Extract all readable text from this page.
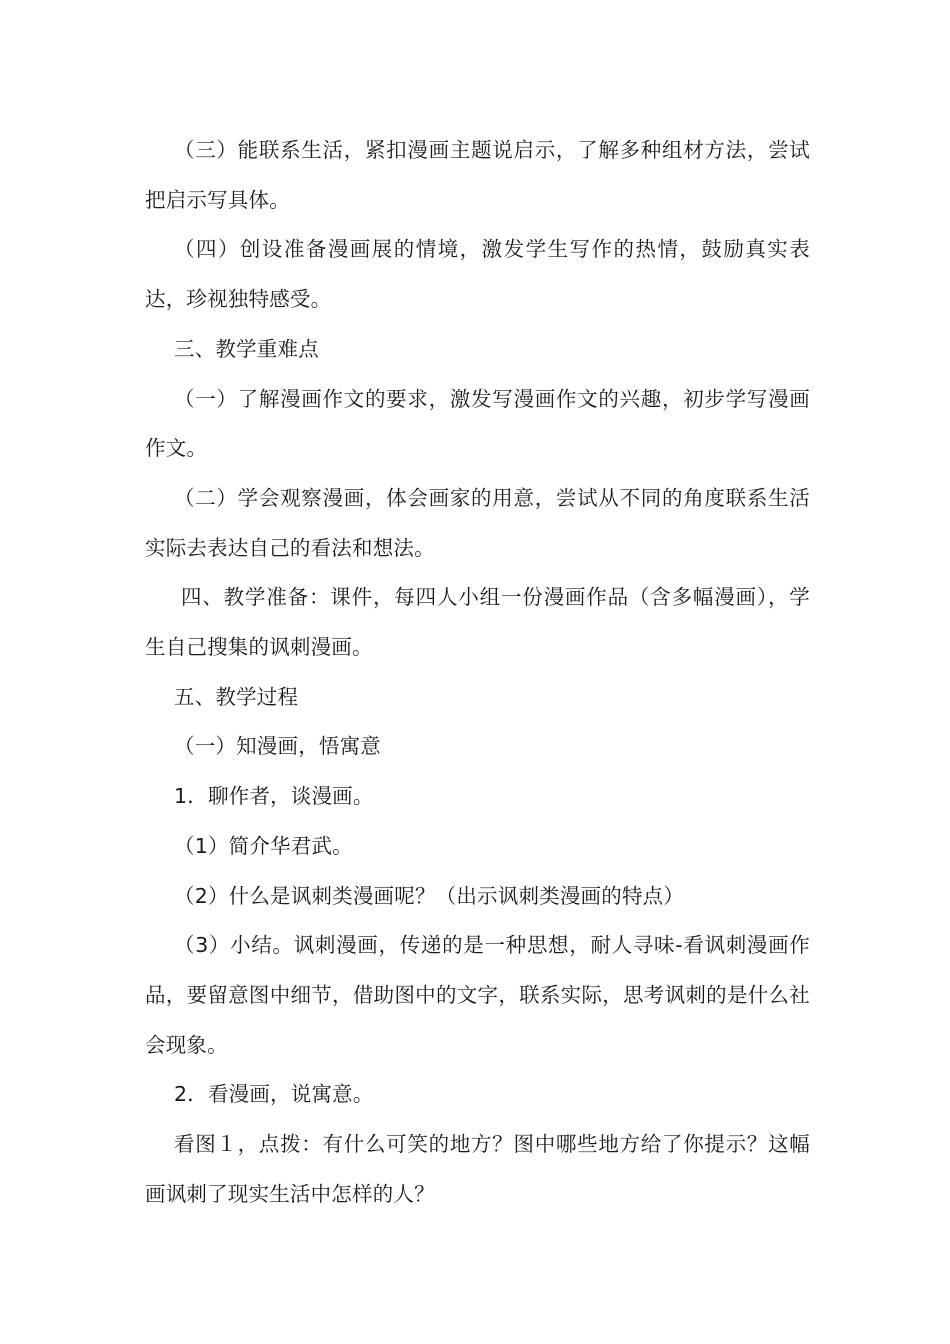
（三）能联系生活，紧扣漫画主题说启示，了解多种组材方法，尝试把启示写具体。

（四）创设准备漫画展的情境，激发学生写作的热情，鼓励真实表达，珍视独特感受。

三、教学重难点

（一）了解漫画作文的要求，激发写漫画作文的兴趣，初步学写漫画作文。

（二）学会观察漫画，体会画家的用意，尝试从不同的角度联系生活实际去表达自己的看法和想法。

四、教学准备：课件，每四人小组一份漫画作品（含多幅漫画），学生自己搜集的讽刺漫画。

五、教学过程

（一）知漫画，悟寓意

1．聊作者，谈漫画。

（1）简介华君武。

（2）什么是讽刺类漫画呢？（出示讽刺类漫画的特点）

（3）小结。讽刺漫画，传递的是一种思想，耐人寻味-看讽刺漫画作品，要留意图中细节，借助图中的文字，联系实际，思考讽刺的是什么社会现象。

2．看漫画，说寓意。

看图１，点拨：有什么可笑的地方？图中哪些地方给了你提示？这幅画讽刺了现实生活中怎样的人？
